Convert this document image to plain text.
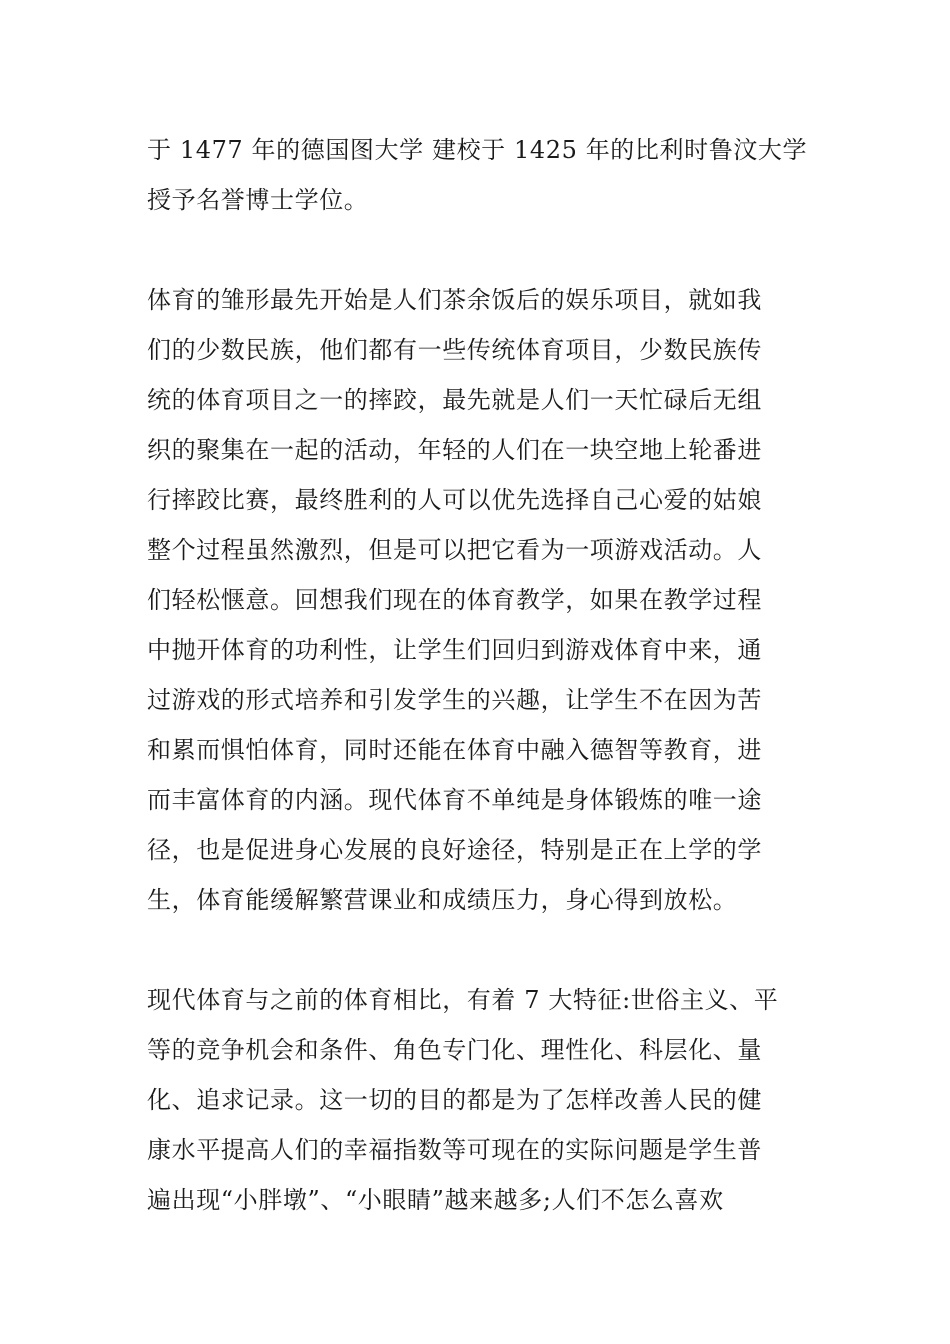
于 1477 年的德国图大学 建校于 1425 年的比利时鲁汶大学
授予名誉博士学位。
体育的雏形最先开始是人们茶余饭后的娱乐项目，就如我
们的少数民族，他们都有一些传统体育项目，少数民族传
统的体育项目之一的摔跤，最先就是人们一天忙碌后无组
织的聚集在一起的活动，年轻的人们在一块空地上轮番进
行摔跤比赛，最终胜利的人可以优先选择自己心爱的姑娘
整个过程虽然激烈，但是可以把它看为一项游戏活动。人
们轻松惬意。回想我们现在的体育教学，如果在教学过程
中抛开体育的功利性，让学生们回归到游戏体育中来，通
过游戏的形式培养和引发学生的兴趣，让学生不在因为苦
和累而惧怕体育，同时还能在体育中融入德智等教育，进
而丰富体育的内涵。现代体育不单纯是身体锻炼的唯一途
径，也是促进身心发展的良好途径，特别是正在上学的学
生，体育能缓解繁营课业和成绩压力，身心得到放松。
现代体育与之前的体育相比，有着 7 大特征:世俗主义、平
等的竞争机会和条件、角色专门化、理性化、科层化、量
化、追求记录。这一切的目的都是为了怎样改善人民的健
康水平提高人们的幸福指数等可现在的实际问题是学生普
遍出现“小胖墩”、“小眼睛”越来越多;人们不怎么喜欢
